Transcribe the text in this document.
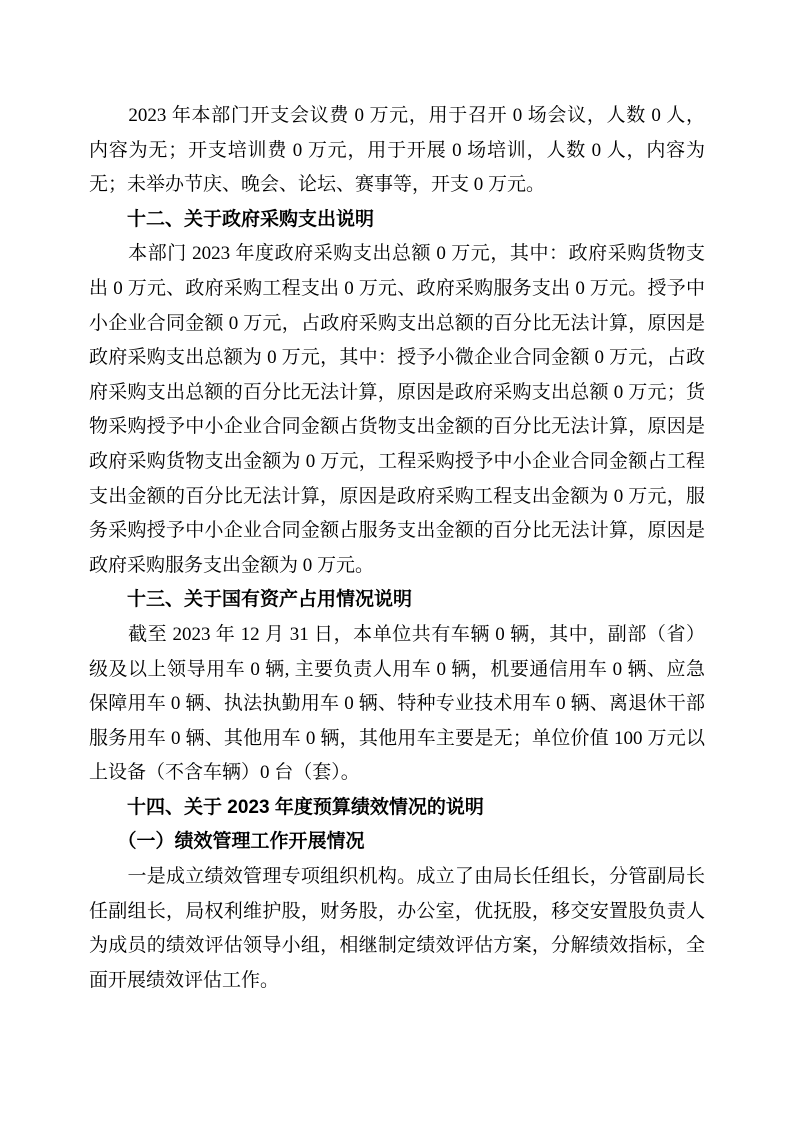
　　2023 年本部门开支会议费 0 万元，用于召开 0 场会议，人数 0 人，
内容为无；开支培训费 0 万元，用于开展 0 场培训，人数 0 人，内容为
无；未举办节庆、晚会、论坛、赛事等，开支 0 万元。
　　十二、关于政府采购支出说明
　　本部门 2023 年度政府采购支出总额 0 万元，其中：政府采购货物支
出 0 万元、政府采购工程支出 0 万元、政府采购服务支出 0 万元。授予中
小企业合同金额 0 万元，占政府采购支出总额的百分比无法计算，原因是
政府采购支出总额为 0 万元，其中：授予小微企业合同金额 0 万元，占政
府采购支出总额的百分比无法计算，原因是政府采购支出总额 0 万元；货
物采购授予中小企业合同金额占货物支出金额的百分比无法计算，原因是
政府采购货物支出金额为 0 万元，工程采购授予中小企业合同金额占工程
支出金额的百分比无法计算，原因是政府采购工程支出金额为 0 万元，服
务采购授予中小企业合同金额占服务支出金额的百分比无法计算，原因是
政府采购服务支出金额为 0 万元。
　　十三、关于国有资产占用情况说明
　　截至 2023 年 12 月 31 日，本单位共有车辆 0 辆，其中，副部（省）
级及以上领导用车 0 辆, 主要负责人用车 0 辆，机要通信用车 0 辆、应急
保障用车 0 辆、执法执勤用车 0 辆、特种专业技术用车 0 辆、离退休干部
服务用车 0 辆、其他用车 0 辆，其他用车主要是无；单位价值 100 万元以
上设备（不含车辆）0 台（套）。
　　十四、关于 2023 年度预算绩效情况的说明
　　（一）绩效管理工作开展情况
　　一是成立绩效管理专项组织机构。成立了由局长任组长，分管副局长
任副组长，局权利维护股，财务股，办公室，优抚股，移交安置股负责人
为成员的绩效评估领导小组，相继制定绩效评估方案，分解绩效指标，全
面开展绩效评估工作。
